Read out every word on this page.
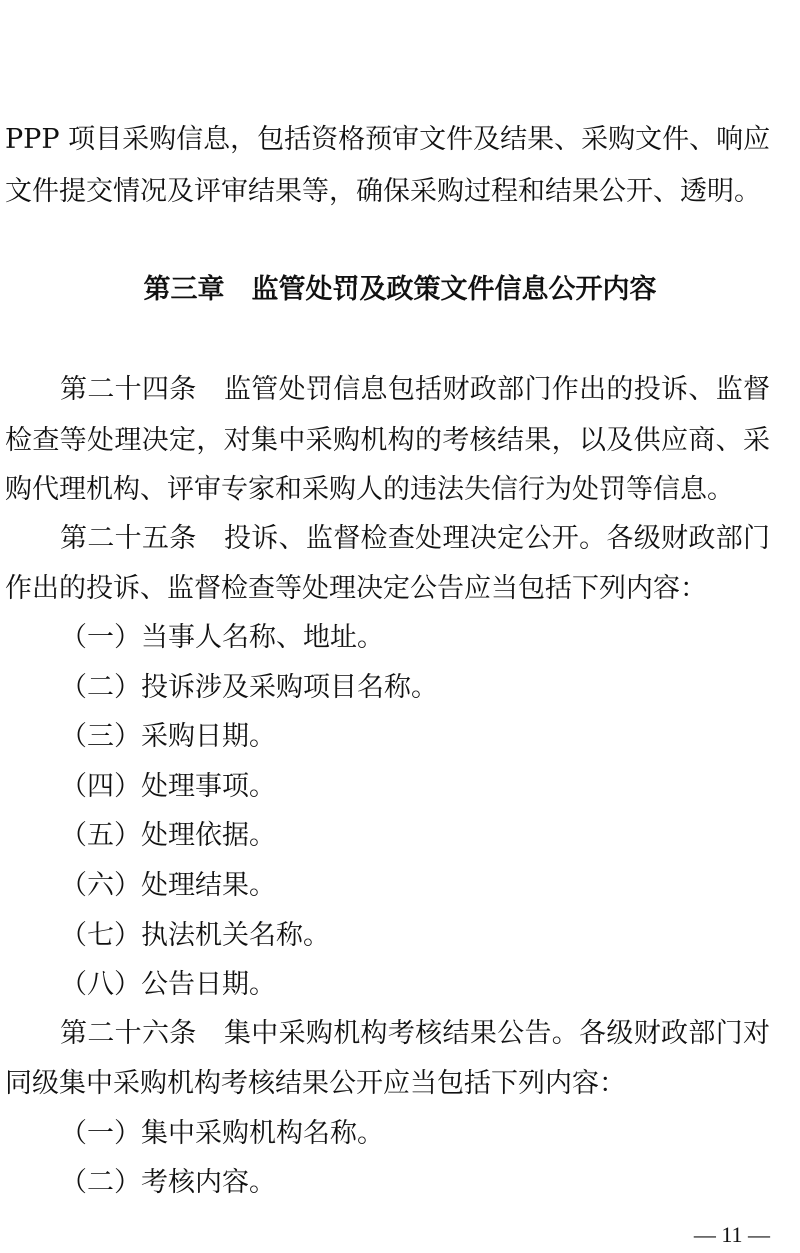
PPP 项目采购信息，包括资格预审文件及结果、采购文件、响应

文件提交情况及评审结果等，确保采购过程和结果公开、透明。

第三章　监管处罚及政策文件信息公开内容

第二十四条　 监管处罚信息包括财政部门作出的投诉、监督

检查等处理决定，对集中采购机构的考核结果，以及供应商、采

购代理机构、评审专家和采购人的违法失信行为处罚等信息。

第二十五条　 投诉、监督检查处理决定公开。各级财政部门

作出的投诉、监督检查等处理决定公告应当包括下列内容：

（一）当事人名称、地址。

（二）投诉涉及采购项目名称。

（三）采购日期。

（四）处理事项。

（五）处理依据。

（六）处理结果。

（七）执法机关名称。

（八）公告日期。

第二十六条　 集中采购机构考核结果公告。各级财政部门对

同级集中采购机构考核结果公开应当包括下列内容：

（一）集中采购机构名称。

（二）考核内容。

— 11 —
